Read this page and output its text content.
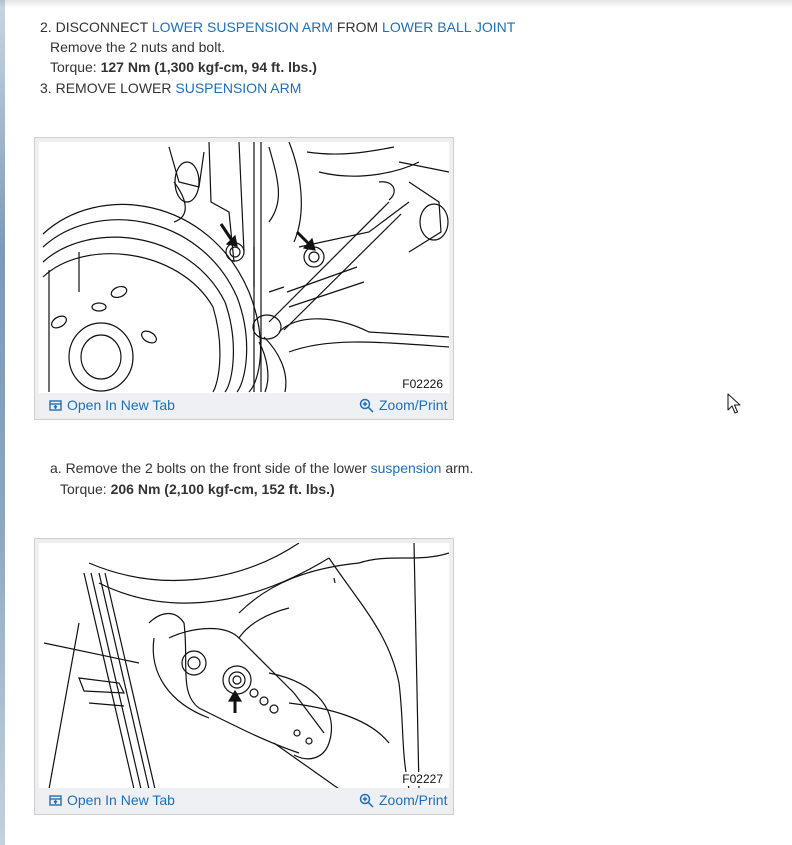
2. DISCONNECT LOWER SUSPENSION ARM FROM LOWER BALL JOINT
Remove the 2 nuts and bolt.
Torque: 127 Nm (1,300 kgf-cm, 94 ft. lbs.)
3. REMOVE LOWER SUSPENSION ARM
F02226
Open In New Tab	Zoom/Print
a. Remove the 2 bolts on the front side of the lower suspension arm.
Torque: 206 Nm (2,100 kgf-cm, 152 ft. lbs.)
F02227
Open In New Tab	Zoom/Print
